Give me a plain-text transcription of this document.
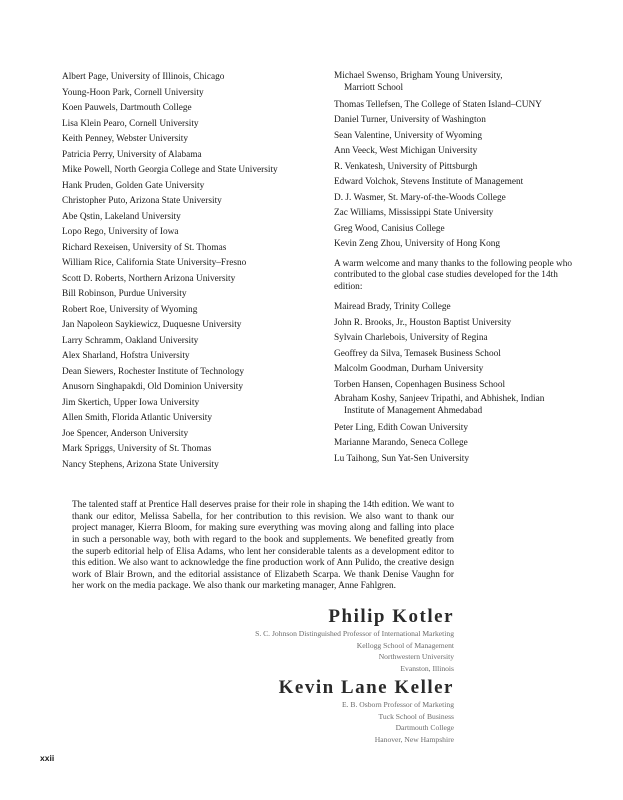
Albert Page, University of Illinois, Chicago
Young-Hoon Park, Cornell University
Koen Pauwels, Dartmouth College
Lisa Klein Pearo, Cornell University
Keith Penney, Webster University
Patricia Perry, University of Alabama
Mike Powell, North Georgia College and State University
Hank Pruden, Golden Gate University
Christopher Puto, Arizona State University
Abe Qstin, Lakeland University
Lopo Rego, University of Iowa
Richard Rexeisen, University of St. Thomas
William Rice, California State University–Fresno
Scott D. Roberts, Northern Arizona University
Bill Robinson, Purdue University
Robert Roe, University of Wyoming
Jan Napoleon Saykiewicz, Duquesne University
Larry Schramm, Oakland University
Alex Sharland, Hofstra University
Dean Siewers, Rochester Institute of Technology
Anusorn Singhapakdi, Old Dominion University
Jim Skertich, Upper Iowa University
Allen Smith, Florida Atlantic University
Joe Spencer, Anderson University
Mark Spriggs, University of St. Thomas
Nancy Stephens, Arizona State University
Michael Swenso, Brigham Young University,
Marriott School
Thomas Tellefsen, The College of Staten Island–CUNY
Daniel Turner, University of Washington
Sean Valentine, University of Wyoming
Ann Veeck, West Michigan University
R. Venkatesh, University of Pittsburgh
Edward Volchok, Stevens Institute of Management
D. J. Wasmer, St. Mary-of-the-Woods College
Zac Williams, Mississippi State University
Greg Wood, Canisius College
Kevin Zeng Zhou, University of Hong Kong

A warm welcome and many thanks to the following people who contributed to the global case studies developed for the 14th edition:

Mairead Brady, Trinity College
John R. Brooks, Jr., Houston Baptist University
Sylvain Charlebois, University of Regina
Geoffrey da Silva, Temasek Business School
Malcolm Goodman, Durham University
Torben Hansen, Copenhagen Business School
Abraham Koshy, Sanjeev Tripathi, and Abhishek, Indian
Institute of Management Ahmedabad
Peter Ling, Edith Cowan University
Marianne Marando, Seneca College
Lu Taihong, Sun Yat-Sen University

The talented staff at Prentice Hall deserves praise for their role in shaping the 14th edition. We want to thank our editor, Melissa Sabella, for her contribution to this revision. We also want to thank our project manager, Kierra Bloom, for making sure everything was moving along and falling into place in such a personable way, both with regard to the book and supplements. We benefited greatly from the superb editorial help of Elisa Adams, who lent her considerable talents as a development editor to this edition. We also want to acknowledge the fine production work of Ann Pulido, the creative design work of Blair Brown, and the editorial assistance of Elizabeth Scarpa. We thank Denise Vaughn for her work on the media package. We also thank our marketing manager, Anne Fahlgren.

Philip Kotler
S. C. Johnson Distinguished Professor of International Marketing
Kellogg School of Management
Northwestern University
Evanston, Illinois
Kevin Lane Keller
E. B. Osborn Professor of Marketing
Tuck School of Business
Dartmouth College
Hanover, New Hampshire
xxii
